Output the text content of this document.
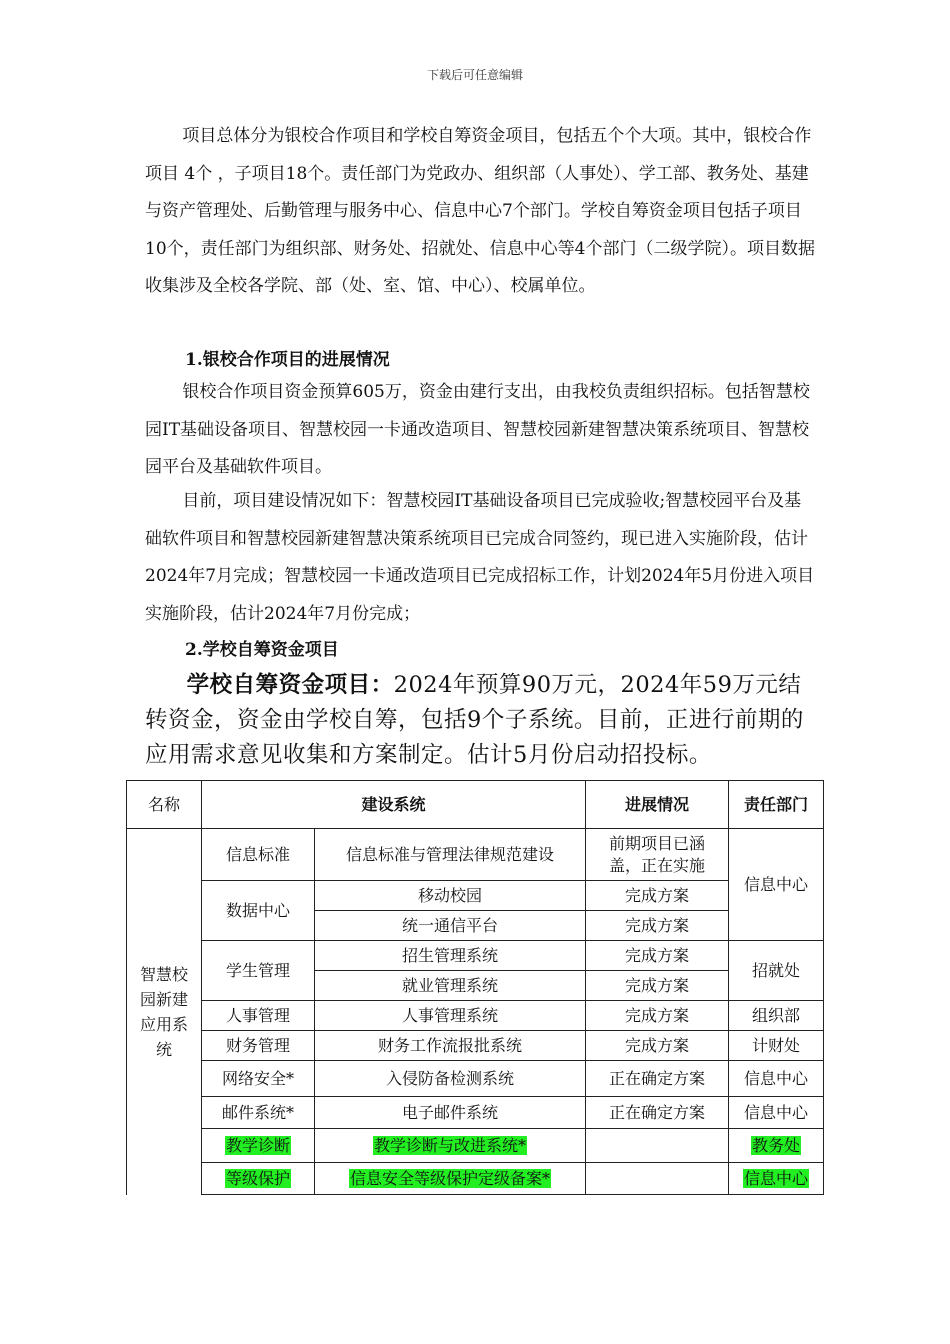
下载后可任意编辑
项目总体分为银校合作项目和学校自筹资金项目，包括五个个大项。其中，银校合作项目 4个 ，子项目18个。责任部门为党政办、组织部（人事处）、学工部、教务处、基建与资产管理处、后勤管理与服务中心、信息中心7个部门。学校自筹资金项目包括子项目10个，责任部门为组织部、财务处、招就处、信息中心等4个部门（二级学院）。项目数据收集涉及全校各学院、部（处、室、馆、中心）、校属单位。
1.银校合作项目的进展情况
银校合作项目资金预算605万，资金由建行支出，由我校负责组织招标。包括智慧校园IT基础设备项目、智慧校园一卡通改造项目、智慧校园新建智慧决策系统项目、智慧校园平台及基础软件项目。
目前，项目建设情况如下：智慧校园IT基础设备项目已完成验收;智慧校园平台及基础软件项目和智慧校园新建智慧决策系统项目已完成合同签约，现已进入实施阶段，估计2024年7月完成；智慧校园一卡通改造项目已完成招标工作，计划2024年5月份进入项目实施阶段，估计2024年7月份完成；
2.学校自筹资金项目
学校自筹资金项目：2024年预算90万元，2024年59万元结转资金，资金由学校自筹，包括9个子系统。目前，正进行前期的应用需求意见收集和方案制定。估计5月份启动招投标。
名称	建设系统		进展情况	责任部门
智慧校园新建应用系统	信息标准	信息标准与管理法律规范建设	前期项目已涵盖，正在实施	信息中心
	数据中心	移动校园	完成方案	
		统一通信平台	完成方案	
	学生管理	招生管理系统	完成方案	招就处
		就业管理系统	完成方案	
	人事管理	人事管理系统	完成方案	组织部
	财务管理	财务工作流报批系统	完成方案	计财处
	网络安全*	入侵防备检测系统	正在确定方案	信息中心
	邮件系统*	电子邮件系统	正在确定方案	信息中心
	教学诊断	教学诊断与改进系统*		教务处
	等级保护	信息安全等级保护定级备案*		信息中心
